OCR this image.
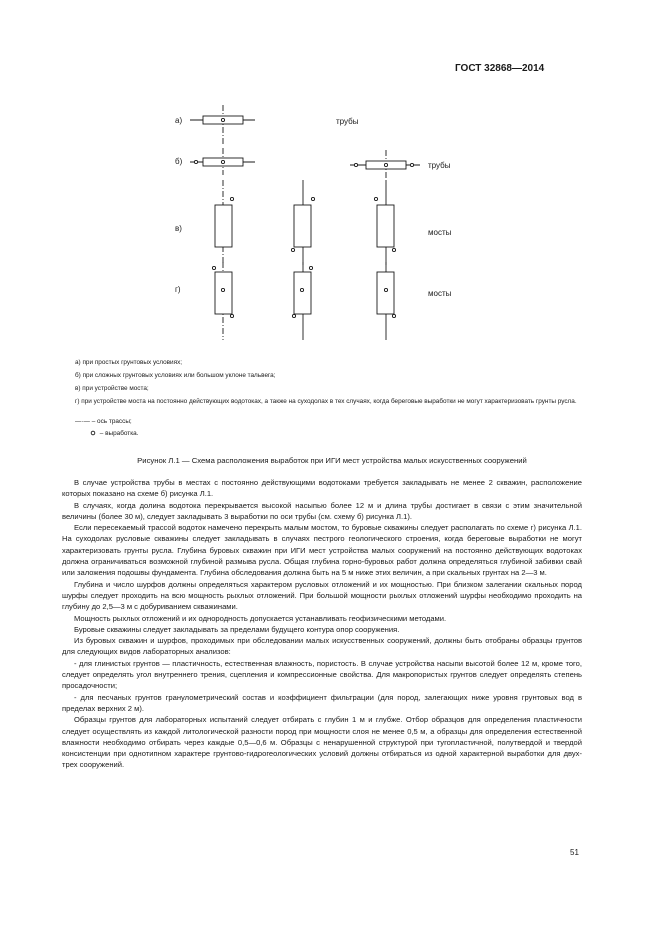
ГОСТ 32868—2014
а)
б)
в)
г)
трубы
трубы
мосты
мосты
а) при простых грунтовых условиях;
б) при сложных грунтовых условиях или большом уклоне тальвега;
в) при устройстве моста;
г) при устройстве моста на постоянно действующих водотоках, а также на суходолах в тех случаях, когда береговые выработки не могут характеризовать грунты русла.
—·— – ось трассы;
– выработка.
Рисунок Л.1 — Схема расположения выработок при ИГИ мест устройства малых искусственных сооружений

В случае устройства трубы в местах с постоянно действующими водотоками требуется закладывать не менее 2 скважин, расположение которых показано на схеме б) рисунка Л.1.

В случаях, когда долина водотока перекрывается высокой насыпью более 12 м и длина трубы достигает в связи с этим значительной величины (более 30 м), следует закладывать 3 выработки по оси трубы (см. схему б) рисунка Л.1).

Если пересекаемый трассой водоток намечено перекрыть малым мостом, то буровые скважины следует располагать по схеме г) рисунка Л.1. На суходолах русловые скважины следует закладывать в случаях пестрого геологического строения, когда береговые выработки не могут характеризовать грунты русла. Глубина буровых скважин при ИГИ мест устройства малых сооружений на постоянно действующих водотоках должна ограничиваться возможной глубиной размыва русла. Общая глубина горно-буровых работ должна определяться глубиной забивки свай или заложения подошвы фундамента. Глубина обследования должна быть на 5 м ниже этих величин, а при скальных грунтах на 2—3 м.

Глубина и число шурфов должны определяться характером русловых отложений и их мощностью. При близком залегании скальных пород шурфы следует проходить на всю мощность рыхлых отложений. При большой мощности рыхлых отложений шурфы необходимо проходить на глубину до 2,5—3 м с добуриванием скважинами.

Мощность рыхлых отложений и их однородность допускается устанавливать геофизическими методами.

Буровые скважины следует закладывать за пределами будущего контура опор сооружения.

Из буровых скважин и шурфов, проходимых при обследовании малых искусственных сооружений, должны быть отобраны образцы грунтов для следующих видов лабораторных анализов:

- для глинистых грунтов — пластичность, естественная влажность, пористость. В случае устройства насыпи высотой более 12 м, кроме того, следует определять угол внутреннего трения, сцепления и компрессионные свойства. Для макропористых грунтов следует определять степень просадочности;

- для песчаных грунтов гранулометрический состав и коэффициент фильтрации (для пород, залегающих ниже уровня грунтовых вод в пределах верхних 2 м).

Образцы грунтов для лабораторных испытаний следует отбирать с глубин 1 м и глубже. Отбор образцов для определения пластичности следует осуществлять из каждой литологической разности пород при мощности слоя не менее 0,5 м, а образцы для определения естественной влажности необходимо отбирать через каждые 0,5—0,6 м. Образцы с ненарушенной структурой при тугопластичной, полутвердой и твердой консистенции при однотипном характере грунтово-гидрогеологических условий должны отбираться из одной характерной выработки для двух-трех сооружений.

51
